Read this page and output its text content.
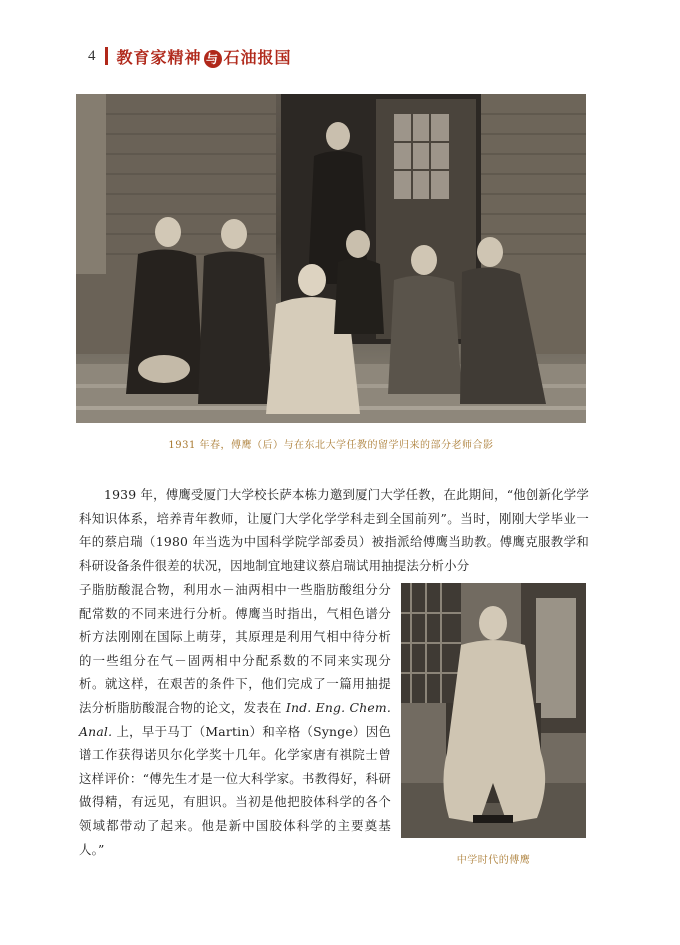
4 教育家精神 与 石油报国
1931 年春，傅鹰（后）与在东北大学任教的留学归来的部分老师合影

1939 年，傅鹰受厦门大学校长萨本栋力邀到厦门大学任教，在此期间，“他创新化学学科知识体系，培养青年教师，让厦门大学化学学科走到全国前列”。当时，刚刚大学毕业一年的蔡启瑞（1980 年当选为中国科学院学部委员）被指派给傅鹰当助教。傅鹰克服教学和科研设备条件很差的状况，因地制宜地建议蔡启瑞试用抽提法分析小分

子脂肪酸混合物，利用水－油两相中一些脂肪酸组分分配常数的不同来进行分析。傅鹰当时指出，气相色谱分析方法刚刚在国际上萌芽，其原理是利用气相中待分析的一些组分在气－固两相中分配系数的不同来实现分析。就这样，在艰苦的条件下，他们完成了一篇用抽提法分析脂肪酸混合物的论文，发表在 Ind. Eng. Chem. Anal. 上，早于马丁（Martin）和辛格（Synge）因色谱工作获得诺贝尔化学奖十几年。化学家唐有祺院士曾这样评价：“傅先生才是一位大科学家。书教得好，科研做得精，有远见，有胆识。当初是他把胶体科学的各个领域都带动了起来。他是新中国胶体科学的主要奠基人。”

中学时代的傅鹰
